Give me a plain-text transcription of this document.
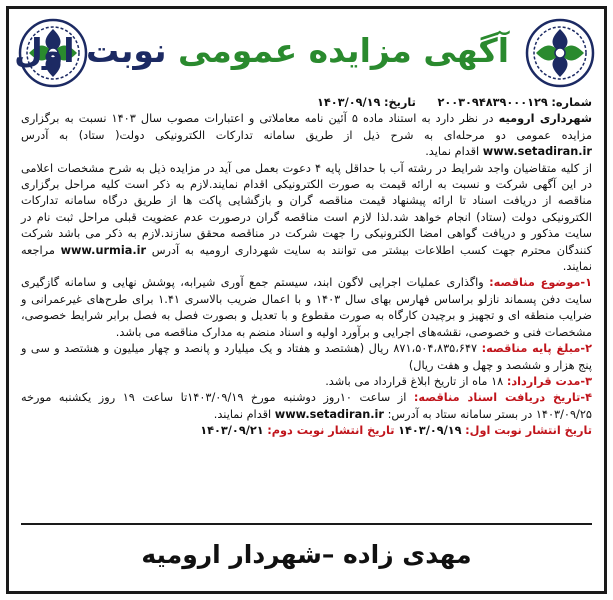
آگهی مزایده عمومی نوبت اول

شماره: ۲۰۰۳۰۹۴۸۳۹۰۰۰۱۲۹      تاریخ: ۱۴۰۳/۰۹/۱۹

شهرداری ارومیه در نظر دارد به استناد ماده ۵ آئین نامه معاملاتی و اعتبارات مصوب سال ۱۴۰۳ نسبت به برگزاری مزایده عمومی دو مرحله‌ای به شرح ذیل از طریق سامانه تدارکات الکترونیکی دولت( ستاد) به آدرس www.setadiran.ir اقدام نماید.

از کلیه متقاضیان واجد شرایط در رشته آب با حداقل پایه ۴ دعوت بعمل می آید در مزایده ذیل به شرح مشخصات اعلامی در این آگهی شرکت و نسبت به ارائه قیمت به صورت الکترونیکی اقدام نمایند.لازم به ذکر است کلیه مراحل برگزاری مناقصه از دریافت اسناد تا ارائه پیشنهاد قیمت مناقصه گران و بازگشایی پاکت ها از طریق درگاه سامانه تدارکات الکترونیکی دولت (ستاد) انجام خواهد شد.لذا لازم است مناقصه گران درصورت عدم عضویت قبلی مراحل ثبت نام در سایت مذکور و دریافت گواهی امضا الکترونیکی را جهت شرکت در مناقصه محقق سازند.لازم به ذکر می باشد شرکت کنندگان محترم جهت کسب اطلاعات بیشتر می توانند به سایت شهرداری ارومیه به آدرس www.urmia.ir مراجعه نمایند.

۱-موضوع مناقصه: واگذاری عملیات اجرایی لاگون ابند، سیستم جمع آوری شیرابه، پوشش نهایی و سامانه گازگیری سایت دفن پسماند نازلو براساس فهارس بهای سال ۱۴۰۳ و با اعمال ضریب بالاسری ۱.۴۱ برای طرح‌های غیرعمرانی و ضرایب منطقه ای و تجهیز و برچیدن کارگاه به صورت مقطوع و با تعدیل و بصورت فصل به فصل برابر شرایط خصوصی، مشخصات فنی و خصوصی، نقشه‌های اجرایی و برآورد اولیه و اسناد منضم به مدارک مناقصه می باشد.

۲-مبلغ پایه مناقصه: ۸۷۱،۵۰۴،۸۳۵،۶۴۷ ریال (هشتصد و هفتاد و یک میلیارد و پانصد و چهار میلیون و هشتصد و سی و پنج هزار و ششصد و چهل و هفت ریال)

۳-مدت قرارداد: ۱۸ ماه از تاریخ ابلاغ قرارداد می باشد.

۴-تاریخ دریافت اسناد مناقصه: از ساعت ۱۰روز دوشنبه مورخ ۱۴۰۳/۰۹/۱۹تا ساعت ۱۹ روز یکشنبه مورخه ۱۴۰۳/۰۹/۲۵ در بستر سامانه ستاد به آدرس: www.setadiran.ir اقدام نمایند.

تاریخ انتشار نوبت اول: ۱۴۰۳/۰۹/۱۹ تاریخ انتشار نوبت دوم: ۱۴۰۳/۰۹/۲۱

مهدی زاده –شهردار ارومیه
